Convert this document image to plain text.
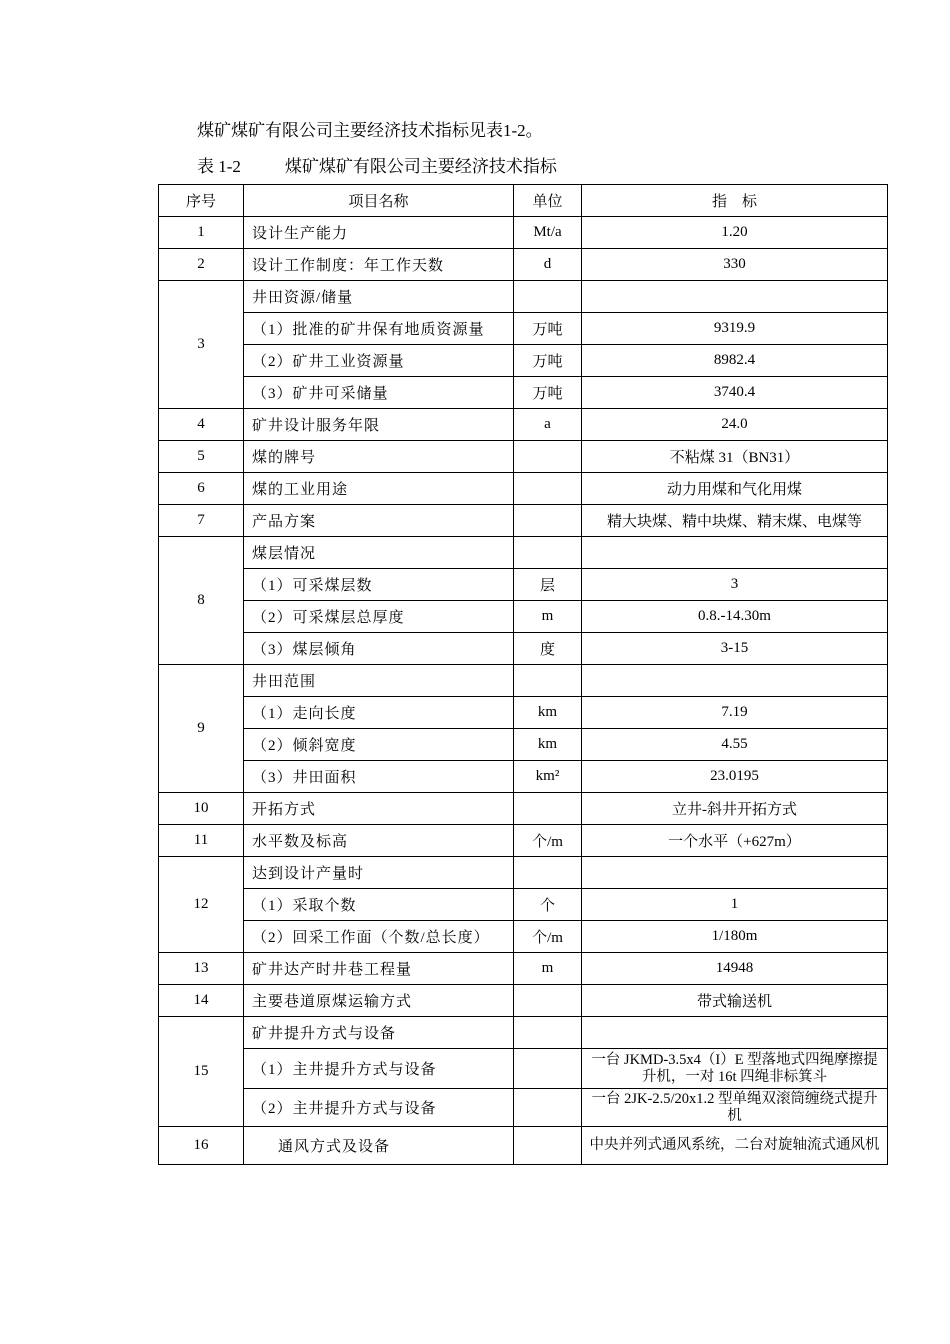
煤矿煤矿有限公司主要经济技术指标见表1-2。
表 1-2	煤矿煤矿有限公司主要经济技术指标
序号	项目名称	单位	指　标
1	设计生产能力	Mt/a	1.20
2	设计工作制度：年工作天数	d	330
3	井田资源/储量		
	（1）批准的矿井保有地质资源量	万吨	9319.9
	（2）矿井工业资源量	万吨	8982.4
	（3）矿井可采储量	万吨	3740.4
4	矿井设计服务年限	a	24.0
5	煤的牌号		不粘煤 31（BN31）
6	煤的工业用途		动力用煤和气化用煤
7	产品方案		精大块煤、精中块煤、精末煤、电煤等
8	煤层情况		
	（1）可采煤层数	层	3
	（2）可采煤层总厚度	m	0.8.-14.30m
	（3）煤层倾角	度	3-15
9	井田范围		
	（1）走向长度	km	7.19
	（2）倾斜宽度	km	4.55
	（3）井田面积	km²	23.0195
10	开拓方式		立井-斜井开拓方式
11	水平数及标高	个/m	一个水平（+627m）
12	达到设计产量时		
	（1）采取个数	个	1
	（2）回采工作面（个数/总长度）	个/m	1/180m
13	矿井达产时井巷工程量	m	14948
14	主要巷道原煤运输方式		带式输送机
15	矿井提升方式与设备		
	（1）主井提升方式与设备		一台 JKMD-3.5x4（I）E 型落地式四绳摩擦提升机，一对 16t 四绳非标箕斗
	（2）主井提升方式与设备		一台 2JK-2.5/20x1.2 型单绳双滚筒缠绕式提升机
16	通风方式及设备		中央并列式通风系统，二台对旋轴流式通风机
